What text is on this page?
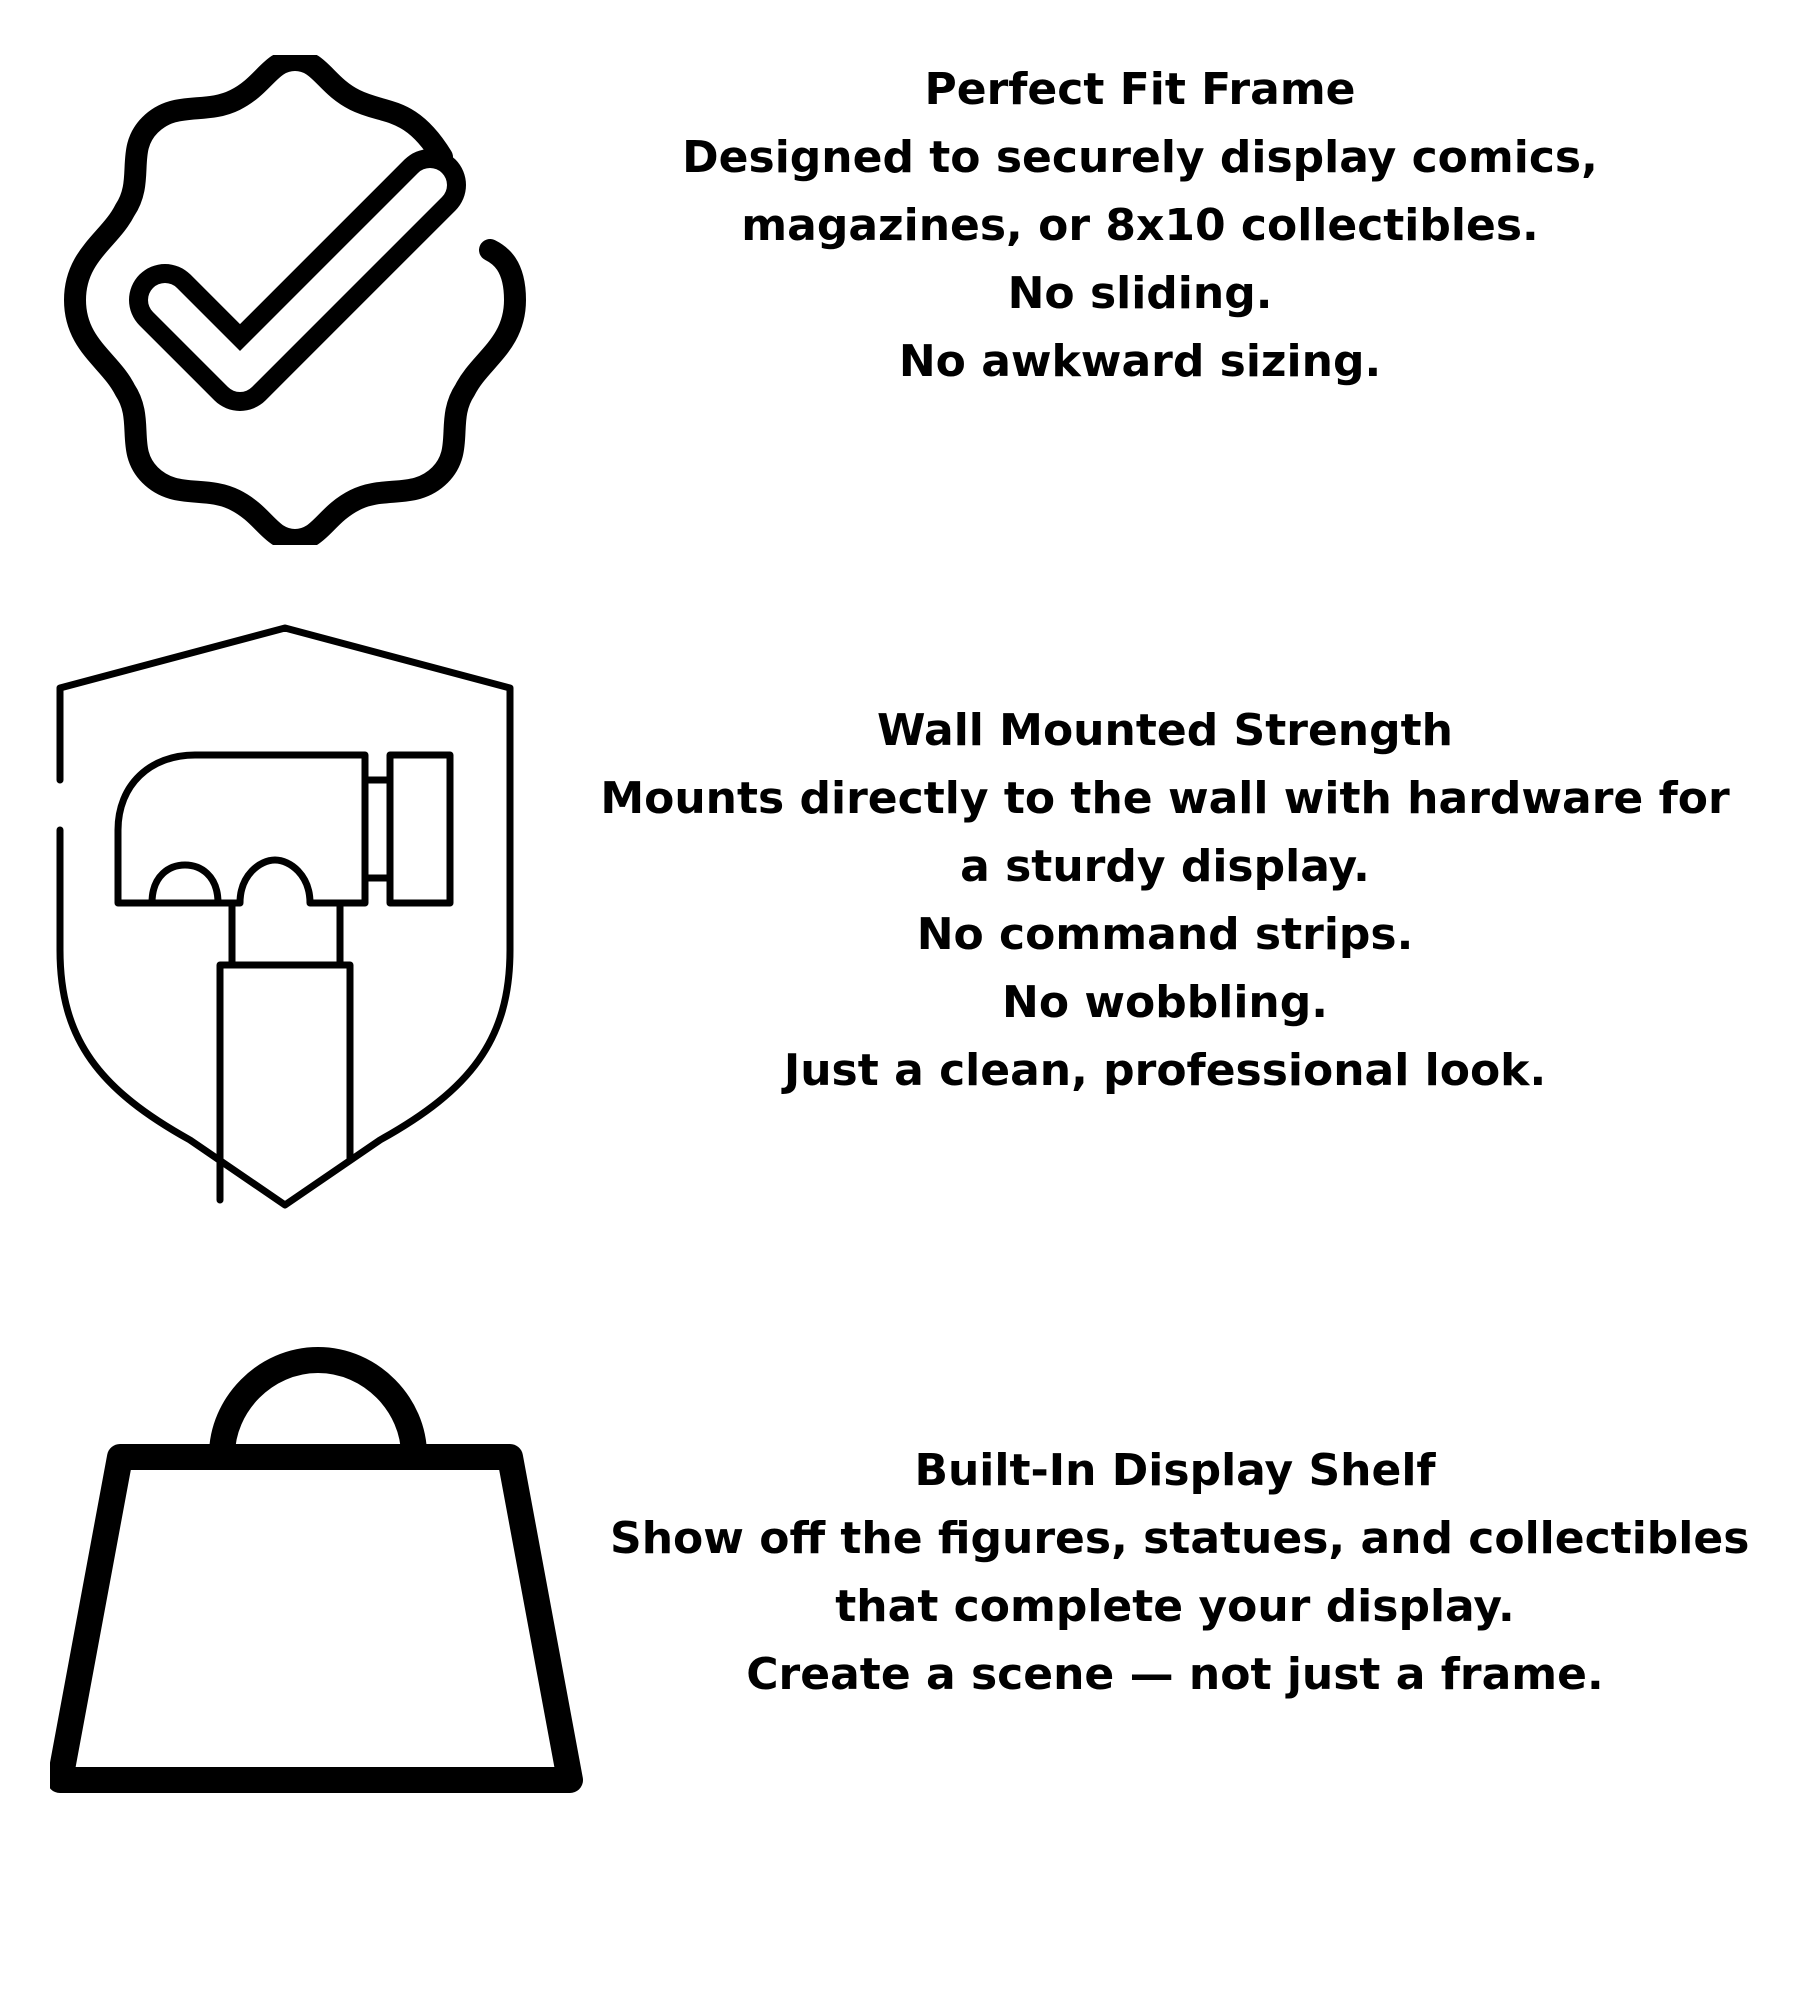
Perfect Fit Frame
Designed to securely display comics,
magazines, or 8x10 collectibles.
No sliding.
No awkward sizing.
Wall Mounted Strength
Mounts directly to the wall with hardware for
a sturdy display.
No command strips.
No wobbling.
Just a clean, professional look.
Built-In Display Shelf
Show off the figures, statues, and collectibles
that complete your display.
Create a scene — not just a frame.
